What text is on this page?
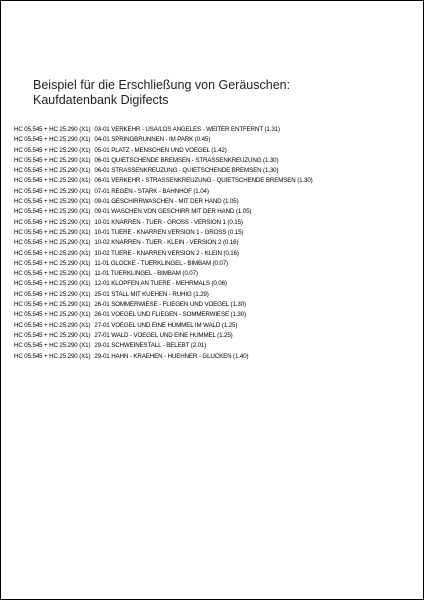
Beispiel für die Erschließung von Geräuschen:
Kaufdatenbank Digifects
HC 05.545 + HC 25.290 (X1) 03-01 VERKEHR - USA/LOS ANGELES - WEITER ENTFERNT (1.31)
HC 05.545 + HC 25.290 (X1) 04-01 SPRINGBRUNNEN - IM PARK (0.45)
HC 05.545 + HC 25.290 (X1) 05-01 PLATZ - MENSCHEN UND VOEGEL (1.42)
HC 05.545 + HC 25.290 (X1) 06-01 QUIETSCHENDE BREMSEN - STRASSENKREUZUNG (1.30)
HC 05.545 + HC 25.290 (X1) 06-01 STRASSENKREUZUNG - QUIETSCHENDE BREMSEN (1.30)
HC 05.545 + HC 25.290 (X1) 06-01 VERKEHR - STRASSENKREUZUNG - QUIETSCHENDE BREMSEN (1.30)
HC 05.545 + HC 25.290 (X1) 07-01 REGEN - STARK - BAHNHOF (1.04)
HC 05.545 + HC 25.290 (X1) 09-01 GESCHIRRWASCHEN - MIT DER HAND (1.05)
HC 05.545 + HC 25.290 (X1) 09-01 WASCHEN VON GESCHIRR MIT DER HAND (1.05)
HC 05.545 + HC 25.290 (X1) 10-01 KNARREN - TUER - GROSS - VERSION 1 (0.15)
HC 05.545 + HC 25.290 (X1) 10-01 TUERE - KNARREN VERSION 1 - GROSS (0.15)
HC 05.545 + HC 25.290 (X1) 10-02 KNARREN - TUER - KLEIN - VERSION 2 (0.16)
HC 05.545 + HC 25.290 (X1) 10-02 TUERE - KNARREN VERSION 2 - KLEIN (0.16)
HC 05.545 + HC 25.290 (X1) 11-01 GLOCKE - TUERKLINGEL - BIMBAM (0.07)
HC 05.545 + HC 25.290 (X1) 11-01 TUERKLINGEL - BIMBAM (0.07)
HC 05.545 + HC 25.290 (X1) 12-01 KLOPFEN AN TUERE - MEHRMALS (0.06)
HC 05.545 + HC 25.290 (X1) 25-01 STALL MIT KUEHEN - RUHIG (1.29)
HC 05.545 + HC 25.290 (X1) 26-01 SOMMERWIESE - FLIEGEN UND VOEGEL (1.30)
HC 05.545 + HC 25.290 (X1) 26-01 VOEGEL UND FLIEGEN - SOMMERWIESE (1.30)
HC 05.545 + HC 25.290 (X1) 27-01 VOEGEL UND EINE HUMMEL IM WALD (1.25)
HC 05.545 + HC 25.290 (X1) 27-01 WALD - VOEGEL UND EINE HUMMEL (1.25)
HC 05.545 + HC 25.290 (X1) 29-01 SCHWEINESTALL - BELEBT (2.01)
HC 05.545 + HC 25.290 (X1) 29-01 HAHN - KRAEHEN - HUEHNER - GLUCKEN (1.40)
